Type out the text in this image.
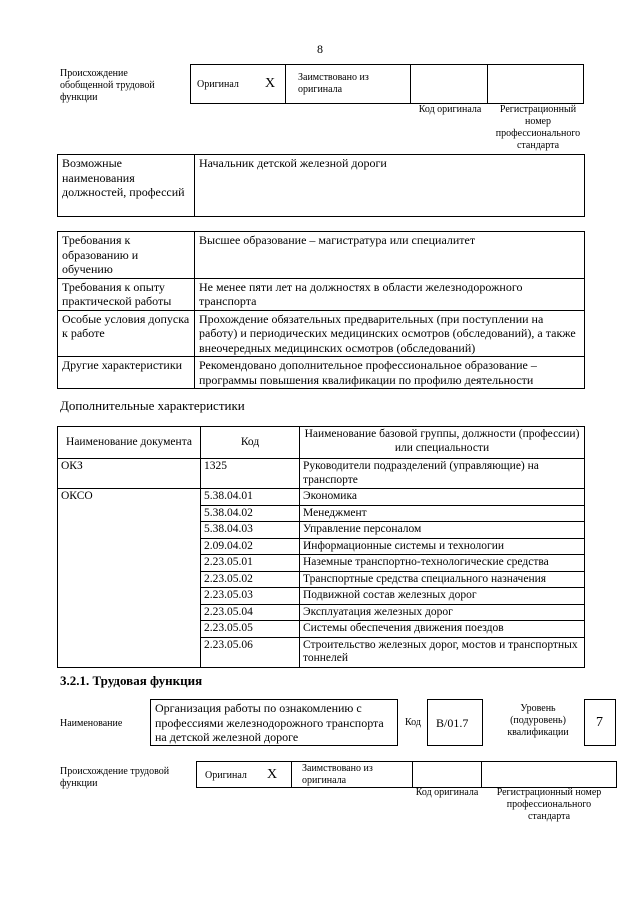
8
Происхождение обобщенной трудовой функции
Оригинал X Заимствовано из оригинала
Код оригинала	Регистрационный номер профессионального стандарта
Возможные наименования должностей, профессий	Начальник детской железной дороги
Требования к образованию и обучению	Высшее образование – магистратура или специалитет
Требования к опыту практической работы	Не менее пяти лет на должностях в области железнодорожного транспорта
Особые условия допуска к работе	Прохождение обязательных предварительных (при поступлении на работу) и периодических медицинских осмотров (обследований), а также внеочередных медицинских осмотров (обследований)
Другие характеристики	Рекомендовано дополнительное профессиональное образование – программы повышения квалификации по профилю деятельности
Дополнительные характеристики
Наименование документа	Код	Наименование базовой группы, должности (профессии) или специальности
ОКЗ	1325	Руководители подразделений (управляющие) на транспорте
ОКСО	5.38.04.01	Экономика
	5.38.04.02	Менеджмент
	5.38.04.03	Управление персоналом
	2.09.04.02	Информационные системы и технологии
	2.23.05.01	Наземные транспортно-технологические средства
	2.23.05.02	Транспортные средства специального назначения
	2.23.05.03	Подвижной состав железных дорог
	2.23.05.04	Эксплуатация железных дорог
	2.23.05.05	Системы обеспечения движения поездов
	2.23.05.06	Строительство железных дорог, мостов и транспортных тоннелей
3.2.1. Трудовая функция
Наименование
Организация работы по ознакомлению с профессиями железнодорожного транспорта на детской железной дороге
Код B/01.7
Уровень (подуровень) квалификации
7
Происхождение трудовой функции
Оригинал X Заимствовано из оригинала
Код оригинала	Регистрационный номер профессионального стандарта
